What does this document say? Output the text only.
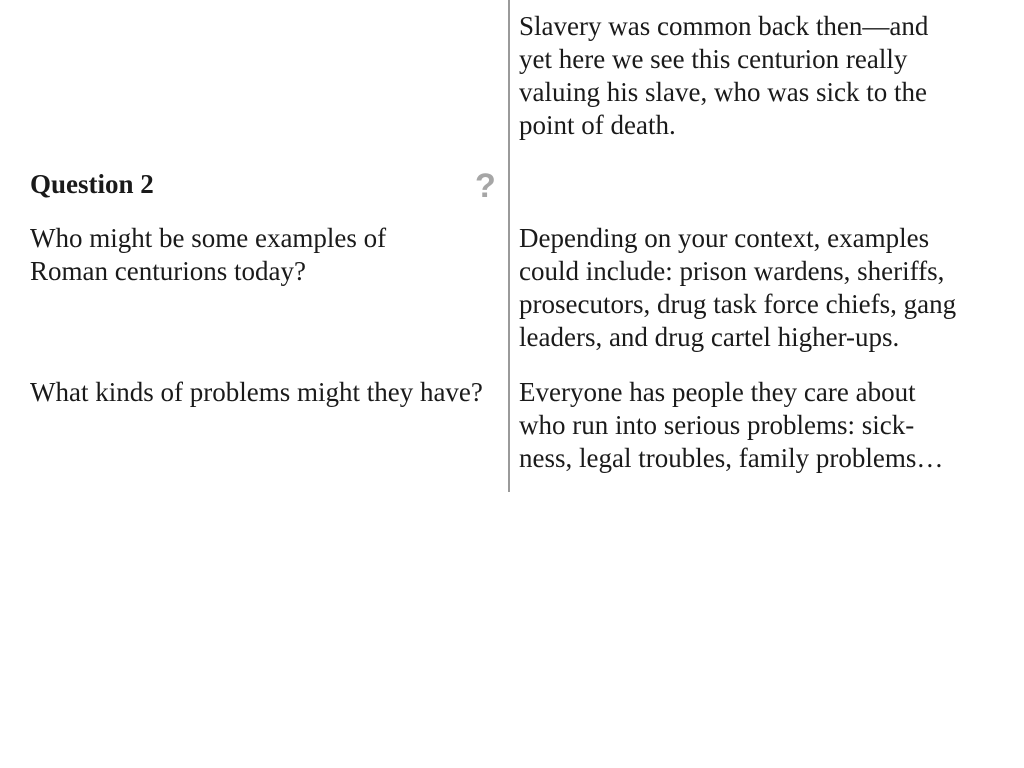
Slavery was common back then—and
yet here we see this centurion really
valuing his slave, who was sick to the
point of death.
Question 2	?
Who might be some examples of
Roman centurions today?
Depending on your context, examples
could include: prison wardens, sheriffs,
prosecutors, drug task force chiefs, gang
leaders, and drug cartel higher-ups.
What kinds of problems might they have? Everyone has people they care about
who run into serious problems: sick-
ness, legal troubles, family problems…
